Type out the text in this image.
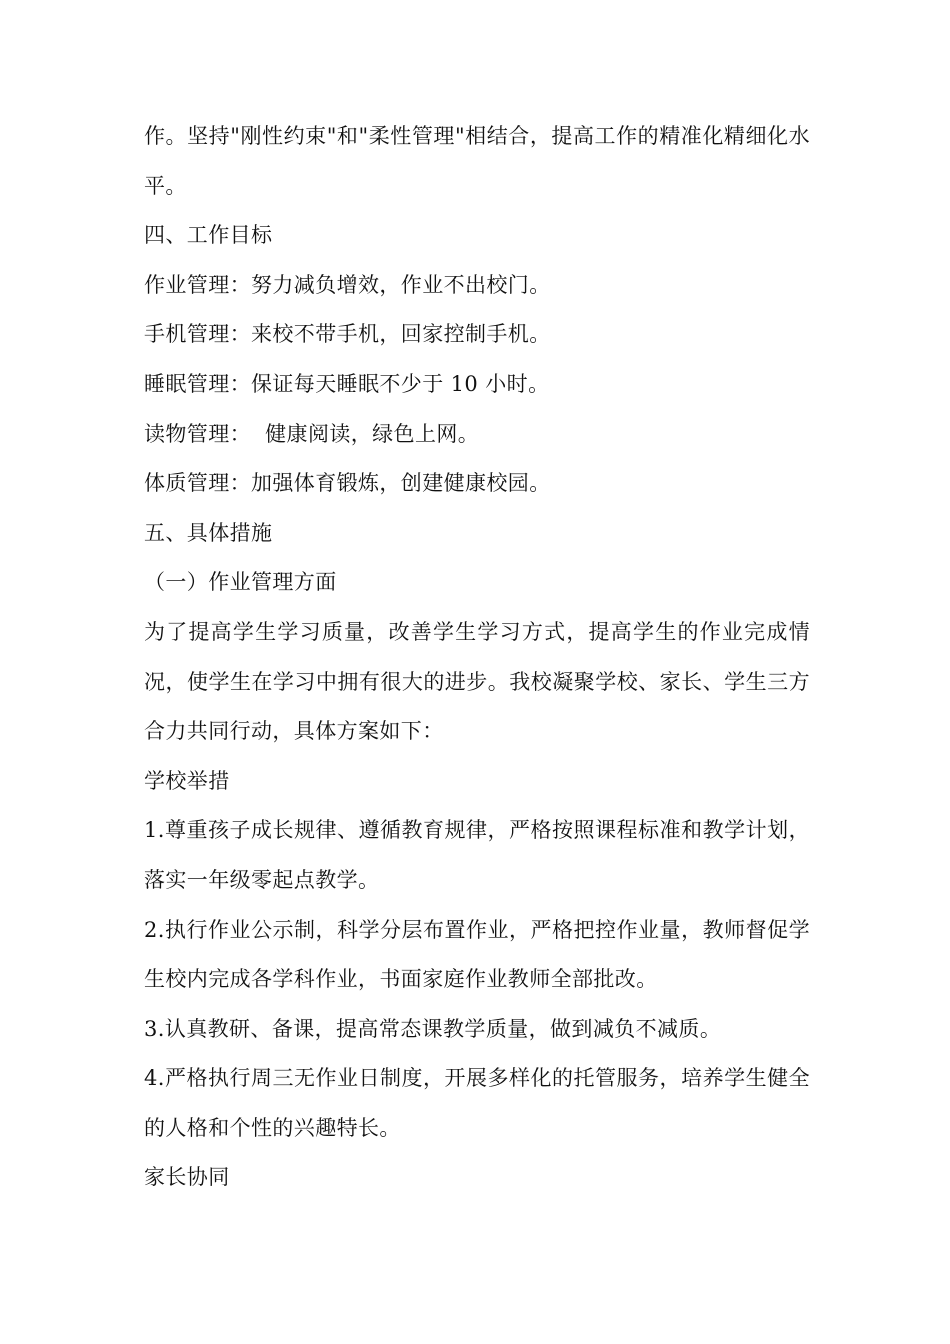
作。坚持"刚性约束"和"柔性管理"相结合，提高工作的精准化精细化水平。

四、工作目标

作业管理：努力减负增效，作业不出校门。

手机管理：来校不带手机，回家控制手机。

睡眠管理：保证每天睡眠不少于 10 小时。

读物管理：  健康阅读，绿色上网。

体质管理：加强体育锻炼，创建健康校园。

五、具体措施

（一）作业管理方面

为了提高学生学习质量，改善学生学习方式，提高学生的作业完成情况，使学生在学习中拥有很大的进步。我校凝聚学校、家长、学生三方合力共同行动，具体方案如下：

学校举措

1.尊重孩子成长规律、遵循教育规律，严格按照课程标准和教学计划，落实一年级零起点教学。

2.执行作业公示制，科学分层布置作业，严格把控作业量，教师督促学生校内完成各学科作业，书面家庭作业教师全部批改。

3.认真教研、备课，提高常态课教学质量，做到减负不减质。

4.严格执行周三无作业日制度，开展多样化的托管服务，培养学生健全的人格和个性的兴趣特长。

家长协同
